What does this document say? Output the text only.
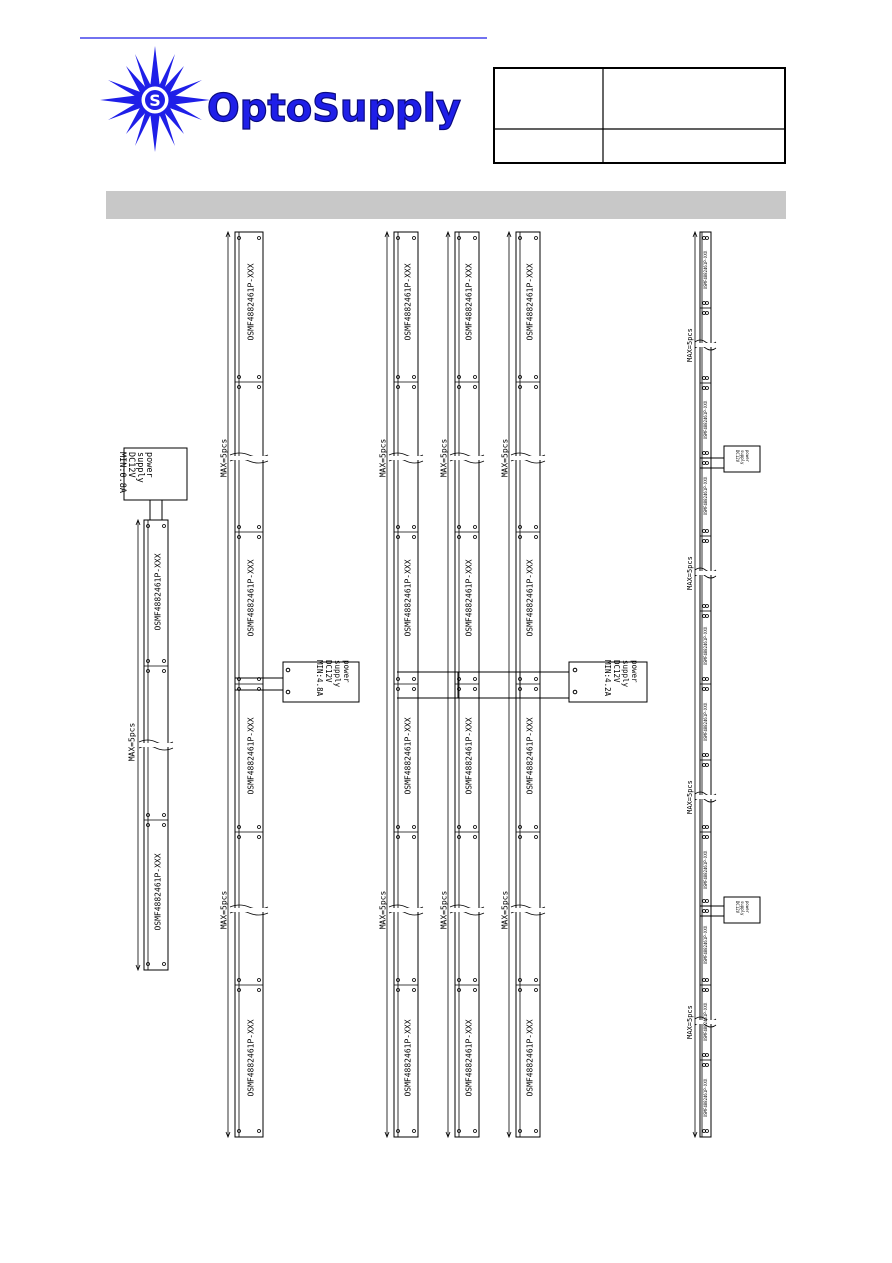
S OptoSupply
OSMF4882461P-XXX
OSMF4882461P-XXX
MAX=5pcs
OSMF4882461P-XXX
OSMF4882461P-XXX
OSMF4882461P-XXX
OSMF4882461P-XXX
MAX=5pcs
MAX=5pcs
OSMF4882461P-XXX
OSMF4882461P-XXX
OSMF4882461P-XXX
OSMF4882461P-XXX
MAX=5pcs
MAX=5pcs
OSMF4882461P-XXX
OSMF4882461P-XXX
OSMF4882461P-XXX
OSMF4882461P-XXX
MAX=5pcs
MAX=5pcs
OSMF4882461P-XXX
OSMF4882461P-XXX
OSMF4882461P-XXX
OSMF4882461P-XXX
MAX=5pcs
MAX=5pcs
OSMF4882461P-XXX
OSMF4882461P-XXX
OSMF4882461P-XXX
OSMF4882461P-XXX
OSMF4882461P-XXX
OSMF4882461P-XXX
OSMF4882461P-XXX
OSMF4882461P-XXX
OSMF4882461P-XXX
MAX=5pcs
MAX=5pcs
MAX=5pcs
MAX=5pcs
power
supply
DC12V
MIN:0.8A
power
supply
DC12V
MIN:4.8A	power
supply
DC12V
MIN:4.2A
power
supply
DC12V
power
supply
DC12V
